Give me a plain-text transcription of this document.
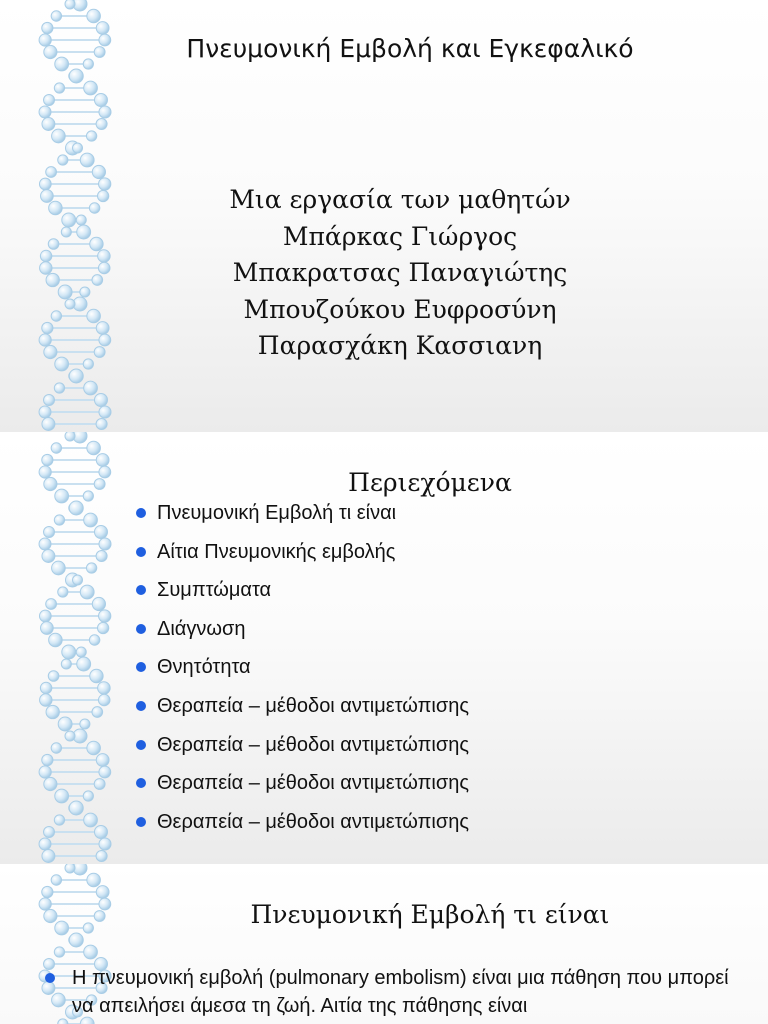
Πνευμονική Εμβολή και Εγκεφαλικό
Μια εργασία των μαθητών
Μπάρκας Γιώργος
Μπακρατσας Παναγιώτης
Μπουζούκου Ευφροσύνη
Παρασχάκη Κασσιανη
Περιεχόμενα
Πνευμονική Εμβολή τι είναι
Αίτια Πνευμονικής εμβολής
Συμπτώματα
Διάγνωση
Θνητότητα
Θεραπεία – μέθοδοι αντιμετώπισης
Θεραπεία – μέθοδοι αντιμετώπισης
Θεραπεία – μέθοδοι αντιμετώπισης
Θεραπεία – μέθοδοι αντιμετώπισης
Πνευμονική Εμβολή τι είναι
Η πνευμονική εμβολή (pulmonary embolism) είναι μια πάθηση που μπορεί να απειλήσει άμεσα τη ζωή. Αιτία της πάθησης είναι
